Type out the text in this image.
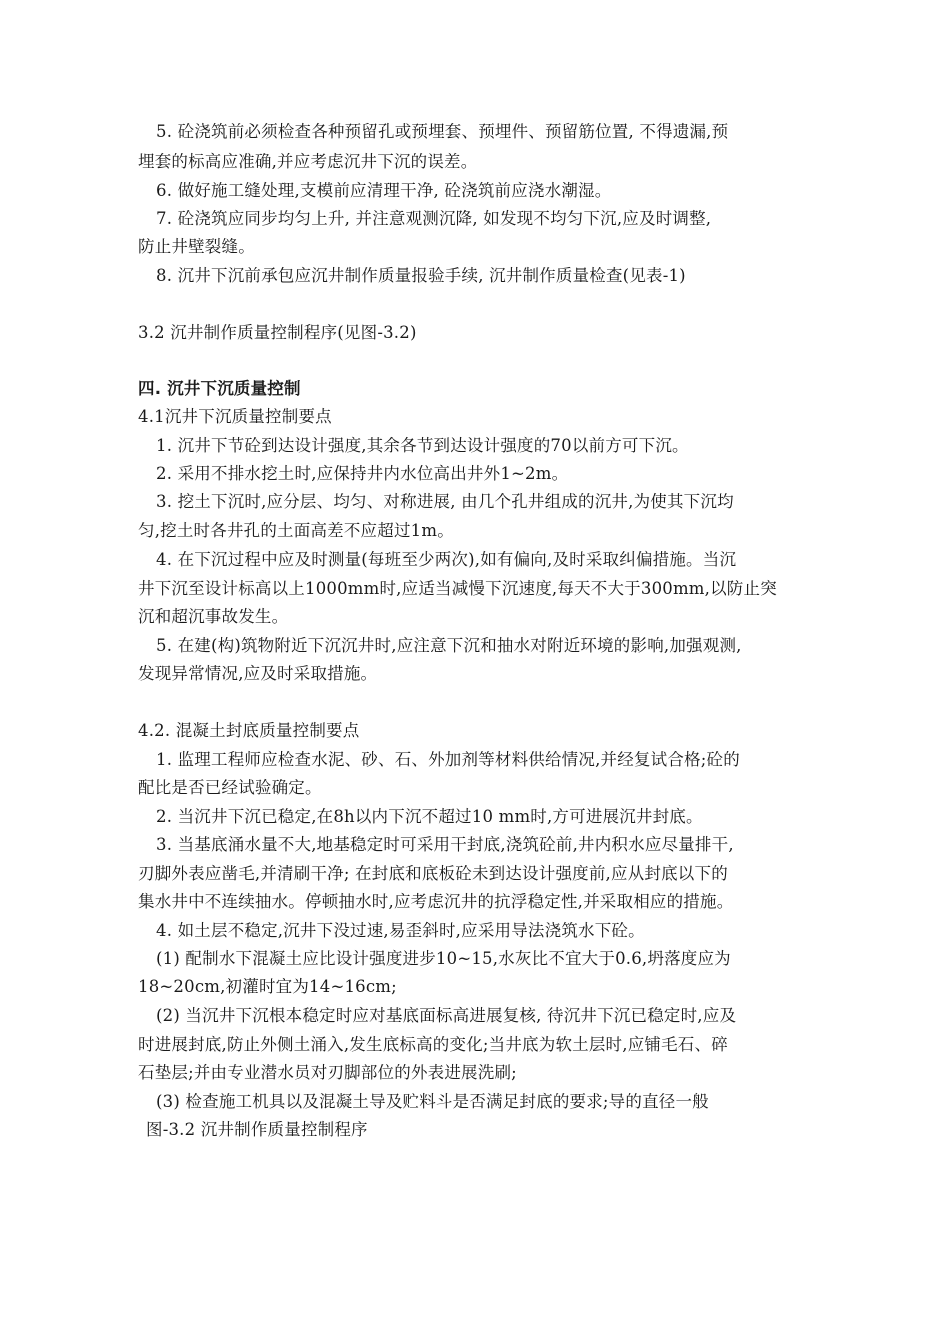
5. 砼浇筑前必须检查各种预留孔或预埋套、预埋件、预留筋位置, 不得遗漏,预
埋套的标高应准确,并应考虑沉井下沉的误差。
6. 做好施工缝处理,支模前应清理干净, 砼浇筑前应浇水潮湿。
7. 砼浇筑应同步均匀上升, 并注意观测沉降, 如发现不均匀下沉,应及时调整,
防止井壁裂缝。
8. 沉井下沉前承包应沉井制作质量报验手续, 沉井制作质量检查(见表-1)
3.2 沉井制作质量控制程序(见图-3.2)
四. 沉井下沉质量控制
4.1沉井下沉质量控制要点
1. 沉井下节砼到达设计强度,其余各节到达设计强度的70以前方可下沉。
2. 采用不排水挖土时,应保持井内水位高出井外1~2m。
3. 挖土下沉时,应分层、均匀、对称进展, 由几个孔井组成的沉井,为使其下沉均
匀,挖土时各井孔的土面高差不应超过1m。
4. 在下沉过程中应及时测量(每班至少两次),如有偏向,及时采取纠偏措施。当沉
井下沉至设计标高以上1000mm时,应适当减慢下沉速度,每天不大于300mm,以防止突
沉和超沉事故发生。
5. 在建(构)筑物附近下沉沉井时,应注意下沉和抽水对附近环境的影响,加强观测,
发现异常情况,应及时采取措施。
4.2. 混凝土封底质量控制要点
1. 监理工程师应检查水泥、砂、石、外加剂等材料供给情况,并经复试合格;砼的
配比是否已经试验确定。
2. 当沉井下沉已稳定,在8h以内下沉不超过10 mm时,方可进展沉井封底。
3. 当基底涌水量不大,地基稳定时可采用干封底,浇筑砼前,井内积水应尽量排干,
刃脚外表应凿毛,并清刷干净; 在封底和底板砼未到达设计强度前,应从封底以下的
集水井中不连续抽水。停顿抽水时,应考虑沉井的抗浮稳定性,并采取相应的措施。
4. 如土层不稳定,沉井下没过速,易歪斜时,应采用导法浇筑水下砼。
(1) 配制水下混凝土应比设计强度进步10~15,水灰比不宜大于0.6,坍落度应为
18~20cm,初灌时宜为14~16cm;
(2) 当沉井下沉根本稳定时应对基底面标高进展复核, 待沉井下沉已稳定时,应及
时进展封底,防止外侧土涌入,发生底标高的变化;当井底为软土层时,应铺毛石、碎
石垫层;并由专业潜水员对刃脚部位的外表进展洗刷;
(3) 检查施工机具以及混凝土导及贮料斗是否满足封底的要求;导的直径一般
图-3.2 沉井制作质量控制程序
